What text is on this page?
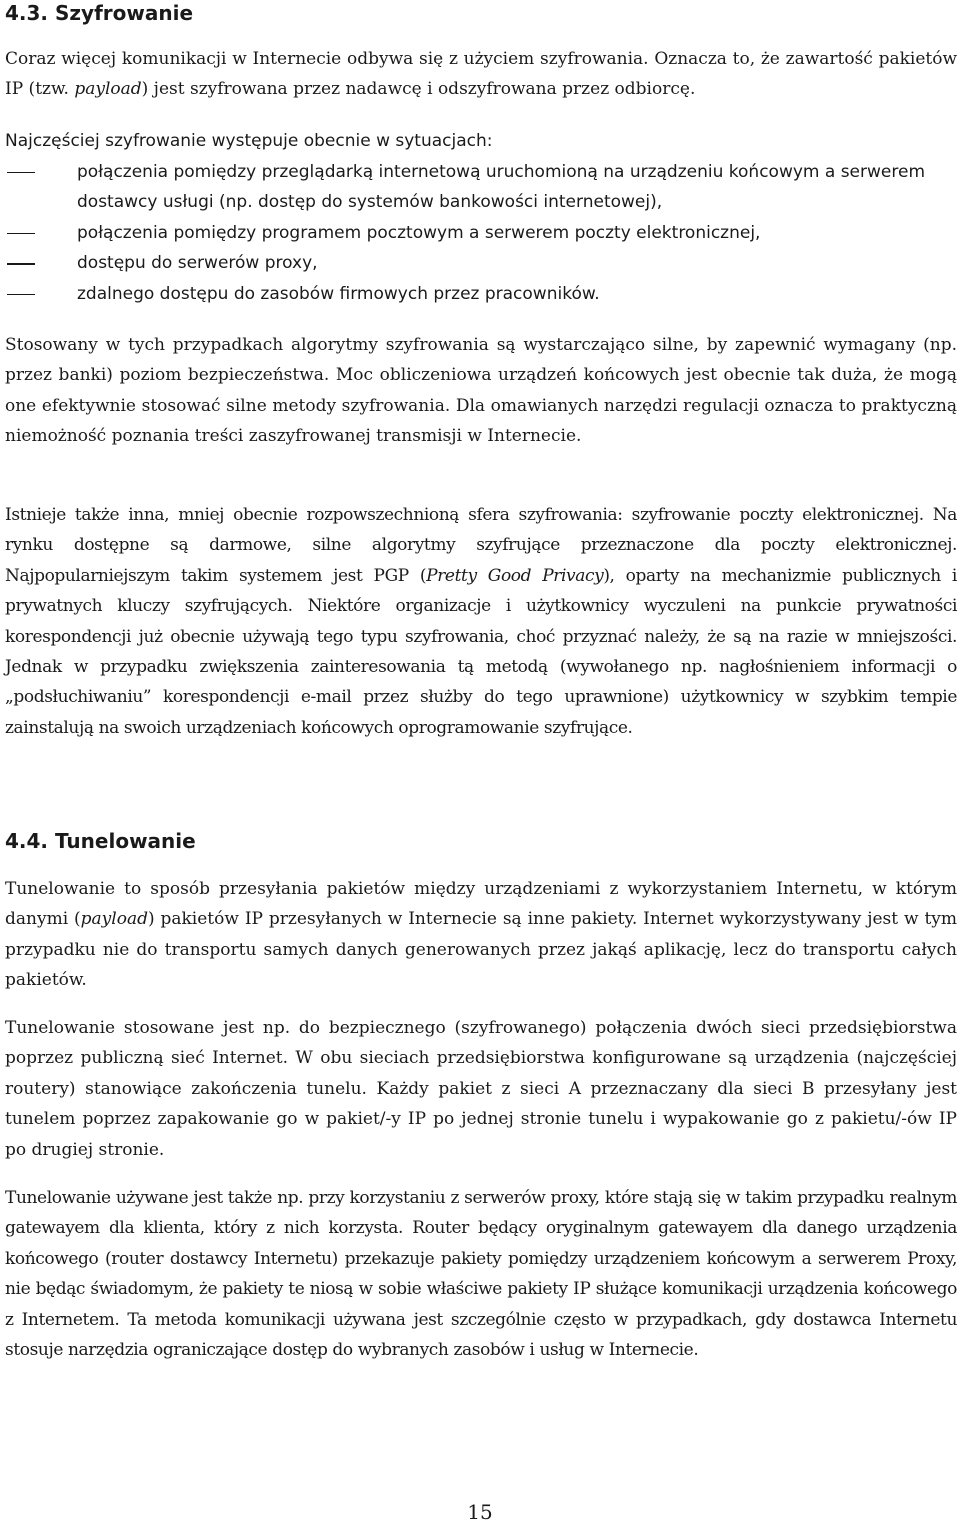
4.3. Szyfrowanie

Coraz więcej komunikacji w Internecie odbywa się z użyciem szyfrowania. Oznacza to, że zawartość pakietów IP (tzw. payload) jest szyfrowana przez nadawcę i odszyfrowana przez odbiorcę.

Najczęściej szyfrowanie występuje obecnie w sytuacjach:

połączenia pomiędzy przeglądarką internetową uruchomioną na urządzeniu końcowym a serwerem dostawcy usługi (np. dostęp do systemów bankowości internetowej),
połączenia pomiędzy programem pocztowym a serwerem poczty elektronicznej,
dostępu do serwerów proxy,
zdalnego dostępu do zasobów firmowych przez pracowników.

Stosowany w tych przypadkach algorytmy szyfrowania są wystarczająco silne, by zapewnić wymagany (np. przez banki) poziom bezpieczeństwa. Moc obliczeniowa urządzeń końcowych jest obecnie tak duża, że mogą one efektywnie stosować silne metody szyfrowania. Dla omawianych narzędzi regulacji oznacza to praktyczną niemożność poznania treści zaszyfrowanej transmisji w Internecie.

Istnieje także inna, mniej obecnie rozpowszechnioną sfera szyfrowania: szyfrowanie poczty elektronicznej. Na rynku dostępne są darmowe, silne algorytmy szyfrujące przeznaczone dla poczty elektronicznej. Najpopularniejszym takim systemem jest PGP (Pretty Good Privacy), oparty na mechanizmie publicznych i prywatnych kluczy szyfrujących. Niektóre organizacje i użytkownicy wyczuleni na punkcie prywatności korespondencji już obecnie używają tego typu szyfrowania, choć przyznać należy, że są na razie w mniejszości. Jednak w przypadku zwiększenia zainteresowania tą metodą (wywołanego np. nagłośnieniem informacji o „podsłuchiwaniu” korespondencji e-mail przez służby do tego uprawnione) użytkownicy w szybkim tempie zainstalują na swoich urządzeniach końcowych oprogramowanie szyfrujące.

4.4. Tunelowanie

Tunelowanie to sposób przesyłania pakietów między urządzeniami z wykorzystaniem Internetu, w którym danymi (payload) pakietów IP przesyłanych w Internecie są inne pakiety. Internet wykorzystywany jest w tym przypadku nie do transportu samych danych generowanych przez jakąś aplikację, lecz do transportu całych pakietów.

Tunelowanie stosowane jest np. do bezpiecznego (szyfrowanego) połączenia dwóch sieci przedsiębiorstwa poprzez publiczną sieć Internet. W obu sieciach przedsiębiorstwa konfigurowane są urządzenia (najczęściej routery) stanowiące zakończenia tunelu. Każdy pakiet z sieci A przeznaczany dla sieci B przesyłany jest tunelem poprzez zapakowanie go w pakiet/-y IP po jednej stronie tunelu i wypakowanie go z pakietu/-ów IP po drugiej stronie.

Tunelowanie używane jest także np. przy korzystaniu z serwerów proxy, które stają się w takim przypadku realnym gatewayem dla klienta, który z nich korzysta. Router będący oryginalnym gatewayem dla danego urządzenia końcowego (router dostawcy Internetu) przekazuje pakiety pomiędzy urządzeniem końcowym a serwerem Proxy, nie będąc świadomym, że pakiety te niosą w sobie właściwe pakiety IP służące komunikacji urządzenia końcowego z Internetem. Ta metoda komunikacji używana jest szczególnie często w przypadkach, gdy dostawca Internetu stosuje narzędzia ograniczające dostęp do wybranych zasobów i usług w Internecie.

15
